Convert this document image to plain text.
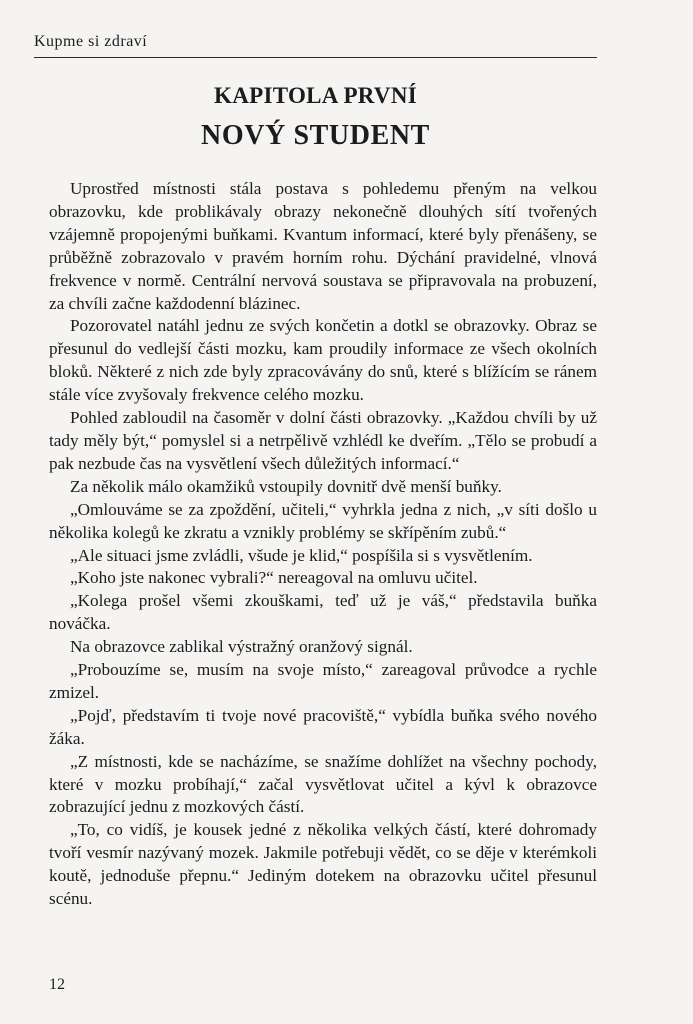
Kupme si zdraví
KAPITOLA PRVNÍ
NOVÝ STUDENT

Uprostřed místnosti stála postava s pohledemu přeným na velkou obrazovku, kde problikávaly obrazy nekonečně dlouhých sítí tvořených vzájemně propojenými buňkami. Kvantum informací, které byly přenášeny, se průběžně zobrazovalo v pravém horním rohu. Dýchání pravidelné, vlnová frekvence v normě. Centrální nervová soustava se připravovala na probuzení, za chvíli začne každodenní blázinec.

Pozorovatel natáhl jednu ze svých končetin a dotkl se obrazovky. Obraz se přesunul do vedlejší části mozku, kam proudily informace ze všech okolních bloků. Některé z nich zde byly zpracovávány do snů, které s blížícím se ránem stále více zvyšovaly frekvence celého mozku.

Pohled zabloudil na časoměr v dolní části obrazovky. „Každou chvíli by už tady měly být,“ pomyslel si a netrpělivě vzhlédl ke dveřím. „Tělo se probudí a pak nezbude čas na vysvětlení všech důležitých informací.“

Za několik málo okamžiků vstoupily dovnitř dvě menší buňky.

„Omlouváme se za zpoždění, učiteli,“ vyhrkla jedna z nich, „v síti došlo u několika kolegů ke zkratu a vznikly problémy se skřípěním zubů.“

„Ale situaci jsme zvládli, všude je klid,“ pospíšila si s vysvětlením.

„Koho jste nakonec vybrali?“ nereagoval na omluvu učitel.

„Kolega prošel všemi zkouškami, teď už je váš,“ představila buňka nováčka.

Na obrazovce zablikal výstražný oranžový signál.

„Probouzíme se, musím na svoje místo,“ zareagoval průvodce a rychle zmizel.

„Pojď, představím ti tvoje nové pracoviště,“ vybídla buňka svého nového žáka.

„Z místnosti, kde se nacházíme, se snažíme dohlížet na všechny pochody, které v mozku probíhají,“ začal vysvětlovat učitel a kývl k obrazovce zobrazující jednu z mozkových částí.

„To, co vidíš, je kousek jedné z několika velkých částí, které dohromady tvoří vesmír nazývaný mozek. Jakmile potřebuji vědět, co se děje v kterémkoli koutě, jednoduše přepnu.“ Jediným dotekem na obrazovku učitel přesunul scénu.

12
